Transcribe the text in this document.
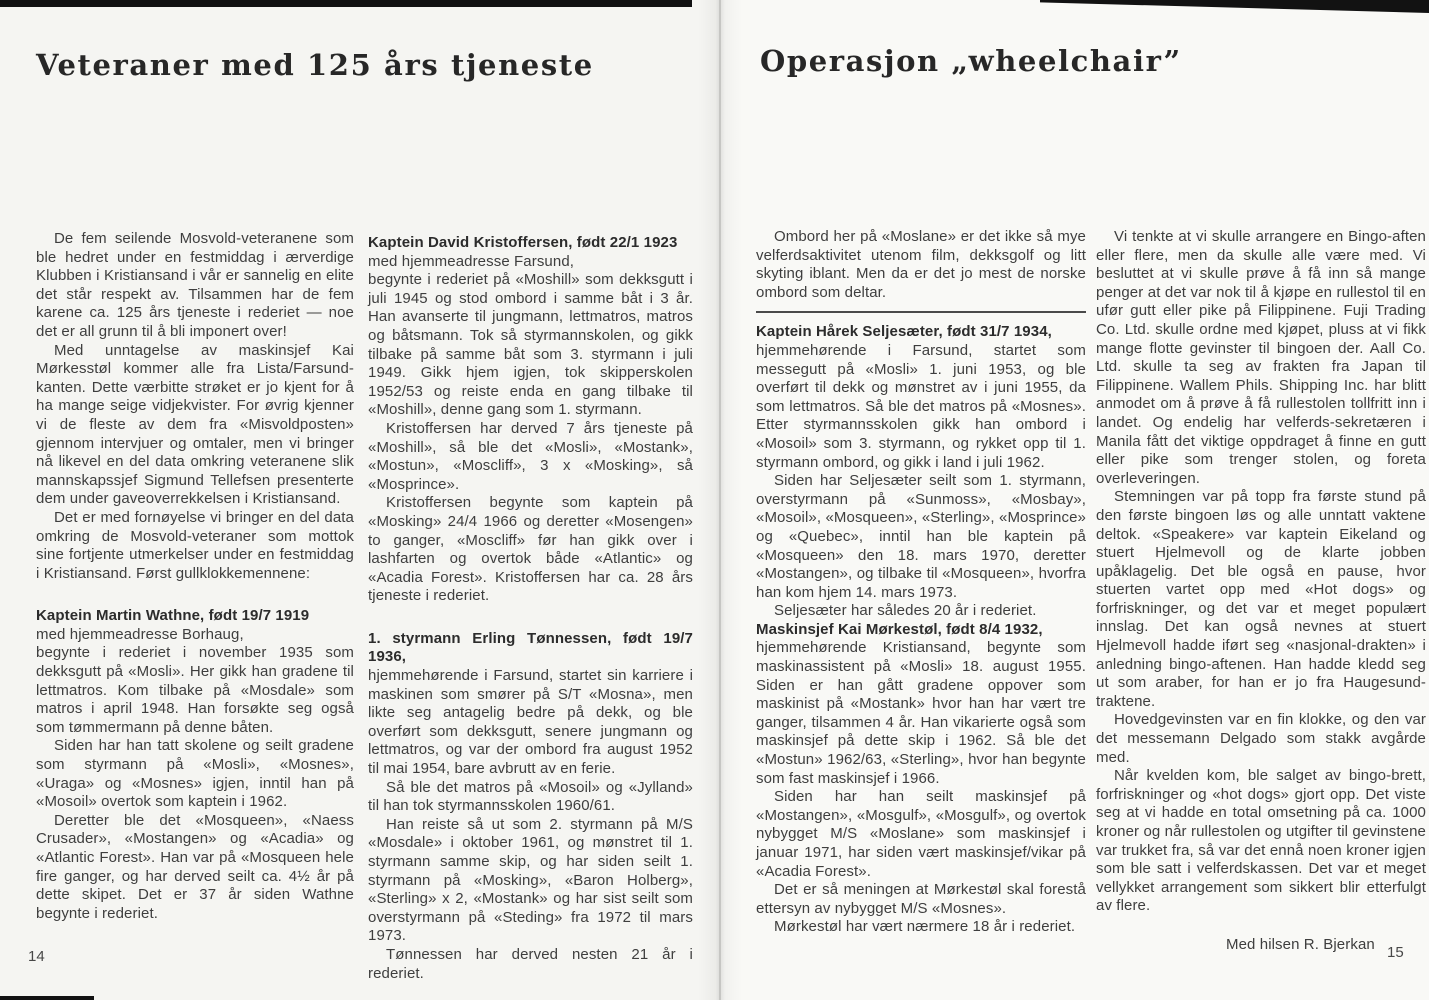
Veteraner med 125 års tjeneste	Operasjon „wheelchair”

De fem seilende Mosvold-veteranene som ble hedret under en festmiddag i ærverdige Klubben i Kristiansand i vår er sannelig en elite det står respekt av. Tilsammen har de fem karene ca. 125 års tjeneste i rederiet — noe det er all grunn til å bli imponert over!

Med unntagelse av maskinsjef Kai Mørkesstøl kommer alle fra Lista/Farsund-kanten. Dette værbitte strøket er jo kjent for å ha mange seige vidjekvister. For øvrig kjenner vi de fleste av dem fra «Misvoldposten» gjennom intervjuer og omtaler, men vi bringer nå likevel en del data omkring veteranene slik mannskapssjef Sigmund Tellefsen presenterte dem under gaveoverrekkelsen i Kristiansand.

Det er med fornøyelse vi bringer en del data omkring de Mosvold-veteraner som mottok sine fortjente utmerkelser under en festmiddag i Kristiansand. Først gullklokkemennene:

Kaptein Martin Wathne, født 19/7 1919

med hjemmeadresse Borhaug,

begynte i rederiet i november 1935 som dekksgutt på «Mosli». Her gikk han gradene til lettmatros. Kom tilbake på «Mosdale» som matros i april 1948. Han forsøkte seg også som tømmermann på denne båten.

Siden har han tatt skolene og seilt gradene som styrmann på «Mosli», «Mosnes», «Uraga» og «Mosnes» igjen, inntil han på «Mosoil» overtok som kaptein i 1962.

Deretter ble det «Mosqueen», «Naess Crusader», «Mostangen» og «Acadia» og «Atlantic Forest». Han var på «Mosqueen hele fire ganger, og har derved seilt ca. 4½ år på dette skipet. Det er 37 år siden Wathne begynte i rederiet.

Kaptein David Kristoffersen, født 22/1 1923

med hjemmeadresse Farsund,

begynte i rederiet på «Moshill» som dekksgutt i juli 1945 og stod ombord i samme båt i 3 år. Han avanserte til jungmann, lettmatros, matros og båtsmann. Tok så styrmannskolen, og gikk tilbake på samme båt som 3. styrmann i juli 1949. Gikk hjem igjen, tok skipperskolen 1952/53 og reiste enda en gang tilbake til «Moshill», denne gang som 1. styrmann.

Kristoffersen har derved 7 års tjeneste på «Moshill», så ble det «Mosli», «Mostank», «Mostun», «Moscliff», 3 x «Mosking», så «Mosprince».

Kristoffersen begynte som kaptein på «Mosking» 24/4 1966 og deretter «Mosengen» to ganger, «Moscliff» før han gikk over i lashfarten og overtok både «Atlantic» og «Acadia Forest». Kristoffersen har ca. 28 års tjeneste i rederiet.

1. styrmann Erling Tønnessen, født 19/7 1936,

hjemmehørende i Farsund, startet sin karriere i maskinen som smører på S/T «Mosna», men likte seg antagelig bedre på dekk, og ble overført som dekksgutt, senere jungmann og lettmatros, og var der ombord fra august 1952 til mai 1954, bare avbrutt av en ferie.

Så ble det matros på «Mosoil» og «Jylland» til han tok styrmannsskolen 1960/61.

Han reiste så ut som 2. styrmann på M/S «Mosdale» i oktober 1961, og mønstret til 1. styrmann samme skip, og har siden seilt 1. styrmann på «Mosking», «Baron Holberg», «Sterling» x 2, «Mostank» og har sist seilt som overstyrmann på «Steding» fra 1972 til mars 1973.

Tønnessen har derved nesten 21 år i rederiet.

Ombord her på «Moslane» er det ikke så mye velferdsaktivitet utenom film, dekksgolf og litt skyting iblant. Men da er det jo mest de norske ombord som deltar.

Kaptein Hårek Seljesæter, født 31/7 1934,

hjemmehørende i Farsund, startet som messegutt på «Mosli» 1. juni 1953, og ble overført til dekk og mønstret av i juni 1955, da som lettmatros. Så ble det matros på «Mosnes». Etter styrmannsskolen gikk han ombord i «Mosoil» som 3. styrmann, og rykket opp til 1. styrmann ombord, og gikk i land i juli 1962.

Siden har Seljesæter seilt som 1. styrmann, overstyrmann på «Sunmoss», «Mosbay», «Mosoil», «Mosqueen», «Sterling», «Mosprince» og «Quebec», inntil han ble kaptein på «Mosqueen» den 18. mars 1970, deretter «Mostangen», og tilbake til «Mosqueen», hvorfra han kom hjem 14. mars 1973.

Seljesæter har således 20 år i rederiet.

Maskinsjef Kai Mørkestøl, født 8/4 1932,

hjemmehørende Kristiansand, begynte som maskinassistent på «Mosli» 18. august 1955. Siden er han gått gradene oppover som maskinist på «Mostank» hvor han har vært tre ganger, tilsammen 4 år. Han vikarierte også som maskinsjef på dette skip i 1962. Så ble det «Mostun» 1962/63, «Sterling», hvor han begynte som fast maskinsjef i 1966.

Siden har han seilt maskinsjef på «Mostangen», «Mosgulf», «Mosgulf», og overtok nybygget M/S «Moslane» som maskinsjef i januar 1971, har siden vært maskinsjef/vikar på «Acadia Forest».

Det er så meningen at Mørkestøl skal forestå ettersyn av nybygget M/S «Mosnes».

Mørkestøl har vært nærmere 18 år i rederiet.

Vi tenkte at vi skulle arrangere en Bingo-aften eller flere, men da skulle alle være med. Vi besluttet at vi skulle prøve å få inn så mange penger at det var nok til å kjøpe en rullestol til en ufør gutt eller pike på Filippinene. Fuji Trading Co. Ltd. skulle ordne med kjøpet, pluss at vi fikk mange flotte gevinster til bingoen der. Aall Co. Ltd. skulle ta seg av frakten fra Japan til Filippinene. Wallem Phils. Shipping Inc. har blitt anmodet om å prøve å få rullestolen tollfritt inn i landet. Og endelig har velferds-sekretæren i Manila fått det viktige oppdraget å finne en gutt eller pike som trenger stolen, og foreta overleveringen.

Stemningen var på topp fra første stund på den første bingoen løs og alle unntatt vaktene deltok. «Speakere» var kaptein Eikeland og stuert Hjelmevoll og de klarte jobben upåklagelig. Det ble også en pause, hvor stuerten vartet opp med «Hot dogs» og forfriskninger, og det var et meget populært innslag. Det kan også nevnes at stuert Hjelmevoll hadde iført seg «nasjonal-drakten» i anledning bingo-aftenen. Han hadde kledd seg ut som araber, for han er jo fra Haugesund-traktene.

Hovedgevinsten var en fin klokke, og den var det messemann Delgado som stakk avgårde med.

Når kvelden kom, ble salget av bingo-brett, forfriskninger og «hot dogs» gjort opp. Det viste seg at vi hadde en total omsetning på ca. 1000 kroner og når rullestolen og utgifter til gevinstene var trukket fra, så var det ennå noen kroner igjen som ble satt i velferdskassen. Det var et meget vellykket arrangement som sikkert blir etterfulgt av flere.

Med hilsen R. Bjerkan

14	15
